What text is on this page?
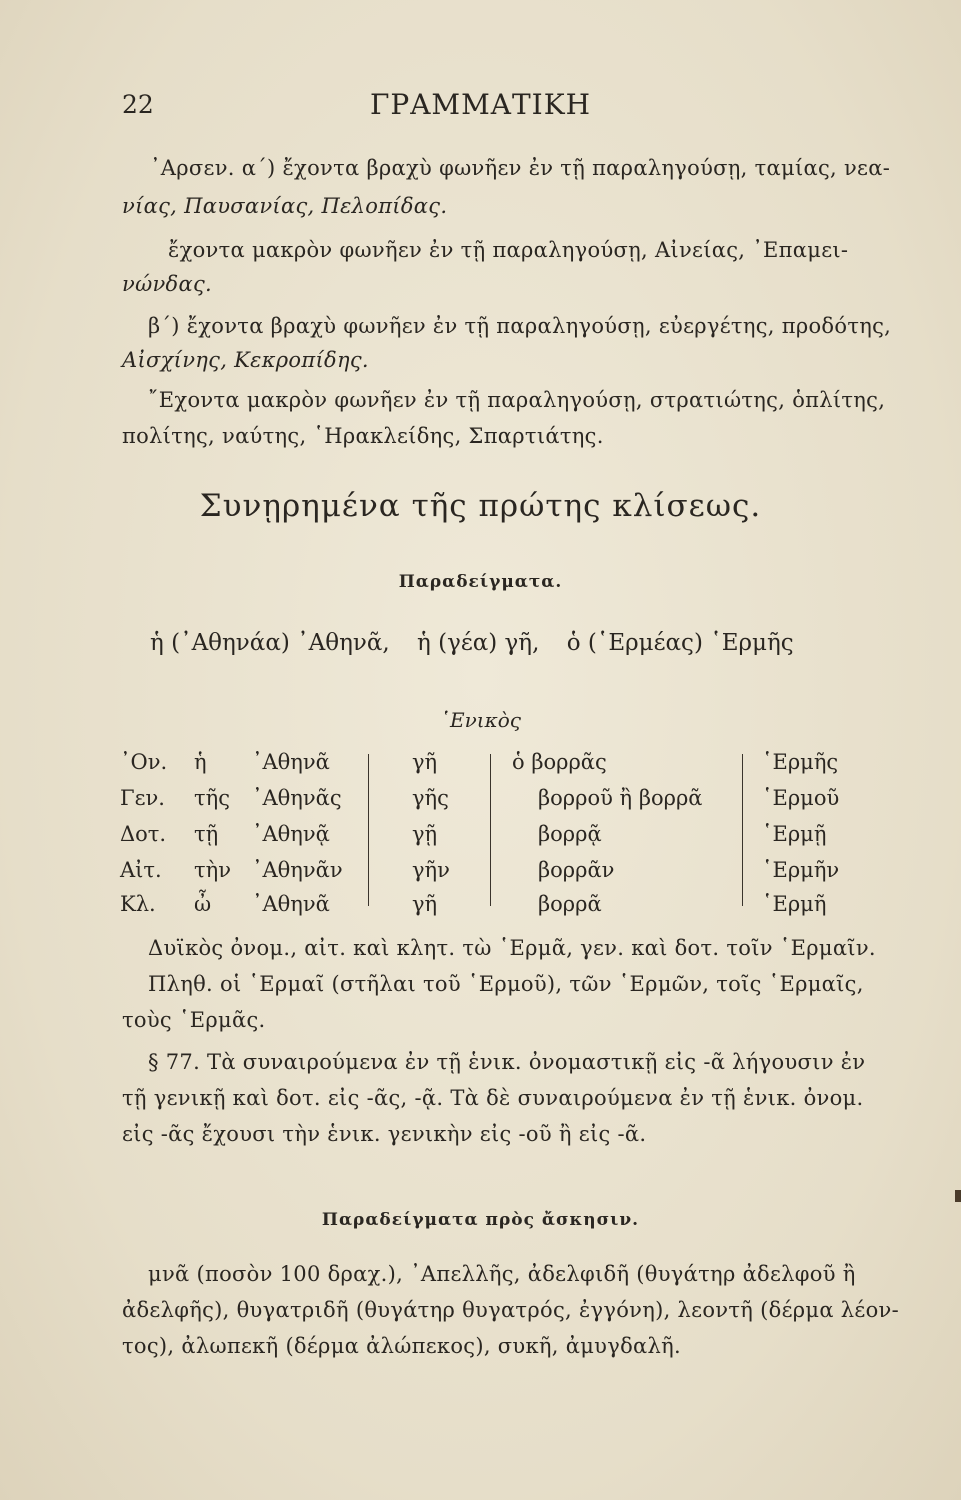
22	ΓΡΑΜΜΑΤΙΚΗ
᾿Αρσεν. α΄) ἔχοντα βραχὺ φωνῆεν ἐν τῇ παραληγούσῃ, ταμίας, νεα-
νίας, Παυσανίας, Πελοπίδας.
ἔχοντα μακρὸν φωνῆεν ἐν τῇ παραληγούσῃ, Αἰνείας, ᾿Επαμει-
νώνδας.
β΄) ἔχοντα βραχὺ φωνῆεν ἐν τῇ παραληγούσῃ, εὐεργέτης, προδότης,
Αἰσχίνης, Κεκροπίδης.
῎Εχοντα μακρὸν φωνῆεν ἐν τῇ παραληγούσῃ, στρατιώτης, ὁπλίτης,
πολίτης, ναύτης, ῾Ηρακλείδης, Σπαρτιάτης.
Συνῃρημένα τῆς πρώτης κλίσεως.
Παραδείγματα.
ἡ (᾿Αθηνάα) ᾿Αθηνᾶ, ἡ (γέα) γῆ, ὁ (῾Ερμέας) ῾Ερμῆς
῾Ενικὸς
᾿Ον.
Γεν.
Δοτ.
Αἰτ.
Κλ.
ἡ
τῆς
τῇ
τὴν
ὦ
᾿Αθηνᾶ
᾿Αθηνᾶς
᾿Αθηνᾷ
᾿Αθηνᾶν
᾿Αθηνᾶ
γῆ
γῆς
γῇ
γῆν
γῆ
ὁ βορρᾶς
βορροῦ ἢ βορρᾶ
βορρᾷ
βορρᾶν
βορρᾶ
῾Ερμῆς
῾Ερμοῦ
῾Ερμῇ
῾Ερμῆν
῾Ερμῆ
Δυϊκὸς ὀνομ., αἰτ. καὶ κλητ. τὼ ῾Ερμᾶ, γεν. καὶ δοτ. τοῖν ῾Ερμαῖν.
Πληθ. οἱ ῾Ερμαῖ (στῆλαι τοῦ ῾Ερμοῦ), τῶν ῾Ερμῶν, τοῖς ῾Ερμαῖς,
τοὺς ῾Ερμᾶς.
§ 77. Τὰ συναιρούμενα ἐν τῇ ἑνικ. ὀνομαστικῇ εἰς -ᾶ λήγουσιν ἐν
τῇ γενικῇ καὶ δοτ. εἰς -ᾶς, -ᾷ. Τὰ δὲ συναιρούμενα ἐν τῇ ἑνικ. ὀνομ.
εἰς -ᾶς ἔχουσι τὴν ἑνικ. γενικὴν εἰς -οῦ ἢ εἰς -ᾶ.
Παραδείγματα πρὸς ἄσκησιν.
μνᾶ (ποσὸν 100 δραχ.), ᾿Απελλῆς, ἀδελφιδῆ (θυγάτηρ ἀδελφοῦ ἢ
ἀδελφῆς), θυγατριδῆ (θυγάτηρ θυγατρός, ἐγγόνη), λεοντῆ (δέρμα λέον-
τος), ἀλωπεκῆ (δέρμα ἀλώπεκος), συκῆ, ἀμυγδαλῆ.
